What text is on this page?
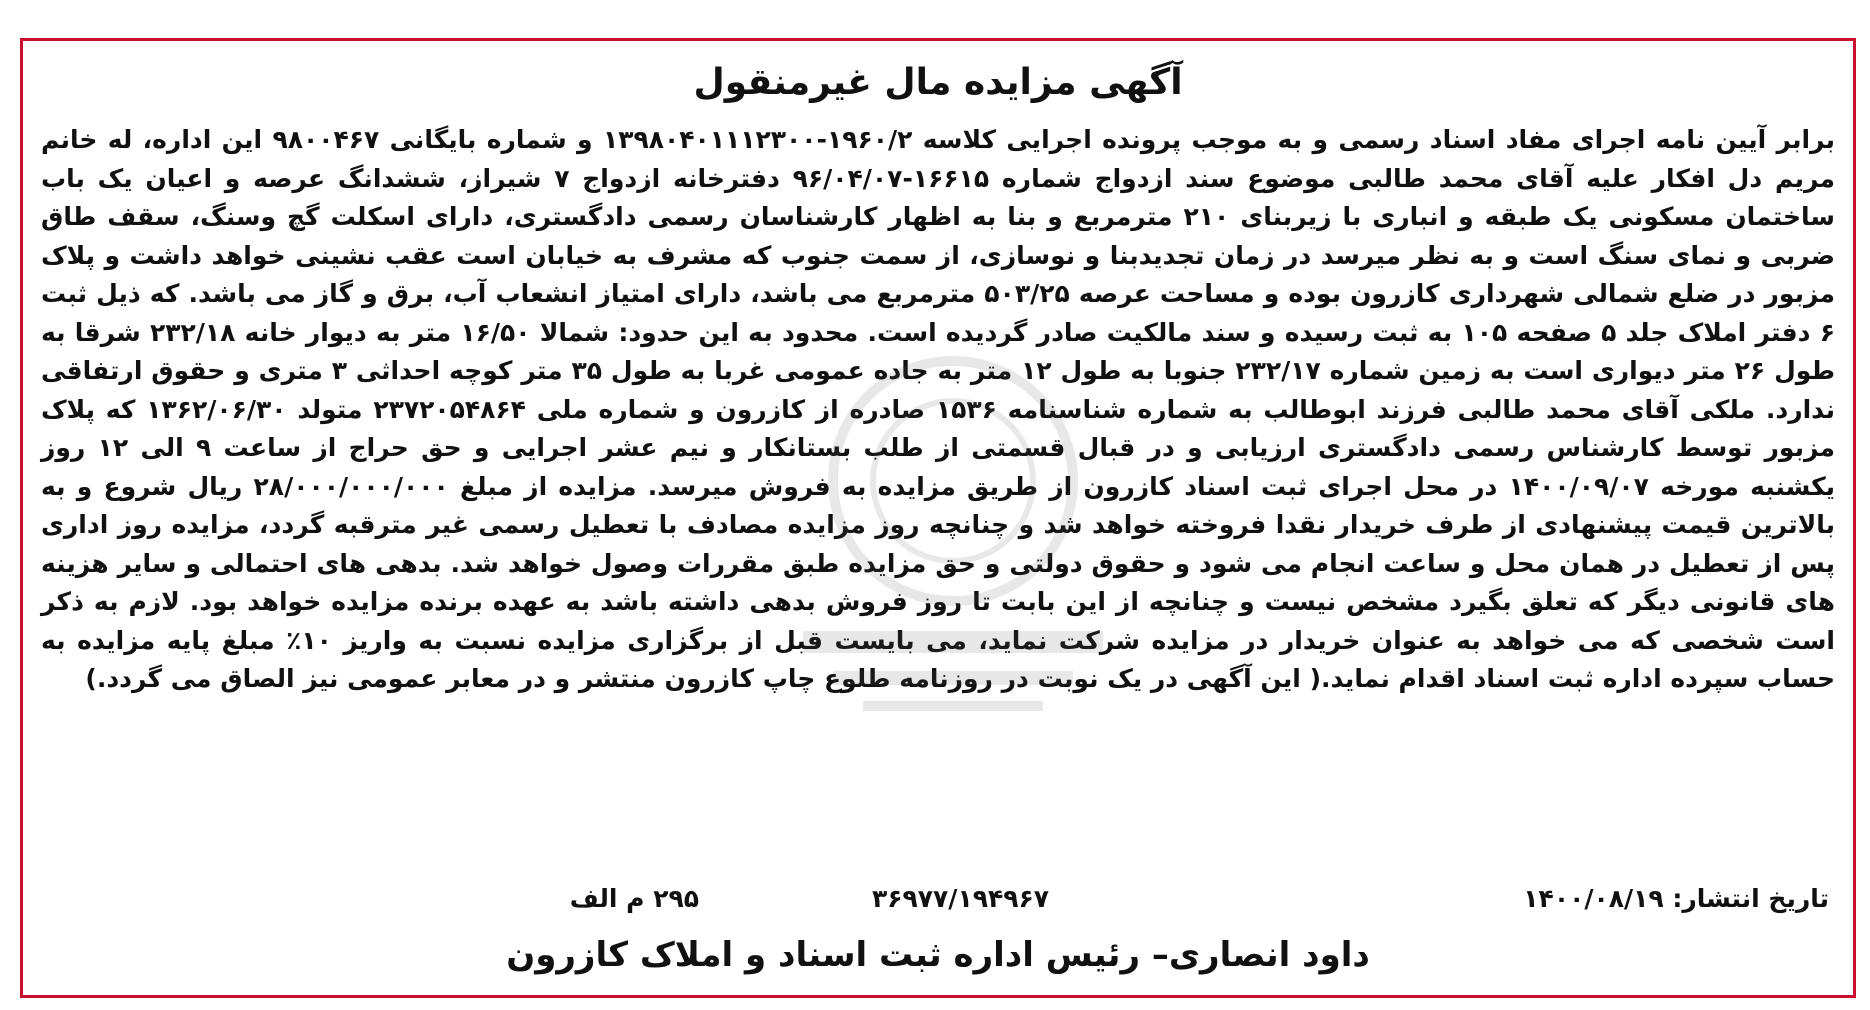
آگهی مزایده مال غیرمنقول

برابر آیین نامه اجرای مفاد اسناد رسمی و به موجب پرونده اجرایی کلاسه ۱۹۶۰/۲-۱۳۹۸۰۴۰۱۱۱۲۳۰۰ و شماره بایگانی ۹۸۰۰۴۶۷ این اداره، له خانم مریم دل افکار علیه آقای محمد طالبی موضوع سند ازدواج شماره ۱۶۶۱۵-۹۶/۰۴/۰۷ دفترخانه ازدواج ۷ شیراز، ششدانگ عرصه و اعیان یک باب ساختمان مسکونی یک طبقه و انباری با زیربنای ۲۱۰ مترمربع و بنا به اظهار کارشناسان رسمی دادگستری، دارای اسکلت گچ وسنگ، سقف طاق ضربی و نمای سنگ است و به نظر میرسد در زمان تجدیدبنا و نوسازی، از سمت جنوب که مشرف به خیابان است عقب نشینی خواهد داشت و پلاک مزبور در ضلع شمالی شهرداری کازرون بوده و مساحت عرصه ۵۰۳/۲۵ مترمربع می باشد، دارای امتیاز انشعاب آب، برق و گاز می باشد. که ذیل ثبت ۶ دفتر املاک جلد ۵ صفحه ۱۰۵ به ثبت رسیده و سند مالکیت صادر گردیده است. محدود به این حدود: شمالا ۱۶/۵۰ متر به دیوار خانه ۲۳۲/۱۸ شرقا به طول ۲۶ متر دیواری است به زمین شماره ۲۳۲/۱۷ جنوبا به طول ۱۲ متر به جاده عمومی غربا به طول ۳۵ متر کوچه احداثی ۳ متری و حقوق ارتفاقی ندارد. ملکی آقای محمد طالبی فرزند ابوطالب به شماره شناسنامه ۱۵۳۶ صادره از کازرون و شماره ملی ۲۳۷۲۰۵۴۸۶۴ متولد ۱۳۶۲/۰۶/۳۰ که پلاک مزبور توسط کارشناس رسمی دادگستری ارزیابی و در قبال قسمتی از طلب بستانکار و نیم عشر اجرایی و حق حراج از ساعت ۹ الی ۱۲ روز یکشنبه مورخه ۱۴۰۰/۰۹/۰۷ در محل اجرای ثبت اسناد کازرون از طریق مزایده به فروش میرسد. مزایده از مبلغ ۲۸/۰۰۰/۰۰۰/۰۰۰ ریال شروع و به بالاترین قیمت پیشنهادی از طرف خریدار نقدا فروخته خواهد شد و چنانچه روز مزایده مصادف با تعطیل رسمی غیر مترقبه گردد، مزایده روز اداری پس از تعطیل در همان محل و ساعت انجام می شود و حقوق دولتی و حق مزایده طبق مقررات وصول خواهد شد. بدهی های احتمالی و سایر هزینه های قانونی دیگر که تعلق بگیرد مشخص نیست و چنانچه از این بابت تا روز فروش بدهی داشته باشد به عهده برنده مزایده خواهد بود. لازم به ذکر است شخصی که می خواهد به عنوان خریدار در مزایده شرکت نماید، می بایست قبل از برگزاری مزایده نسبت به واریز ۱۰٪ مبلغ پایه مزایده به حساب سپرده اداره ثبت اسناد اقدام نماید.( این آگهی در یک نوبت در روزنامه طلوع چاپ کازرون منتشر و در معابر عمومی نیز الصاق می گردد.)

تاریخ انتشار: ۱۴۰۰/۰۸/۱۹
۳۶۹۷۷/۱۹۴۹۶۷
۲۹۵ م الف
داود انصاری– رئیس اداره ثبت اسناد و املاک کازرون
